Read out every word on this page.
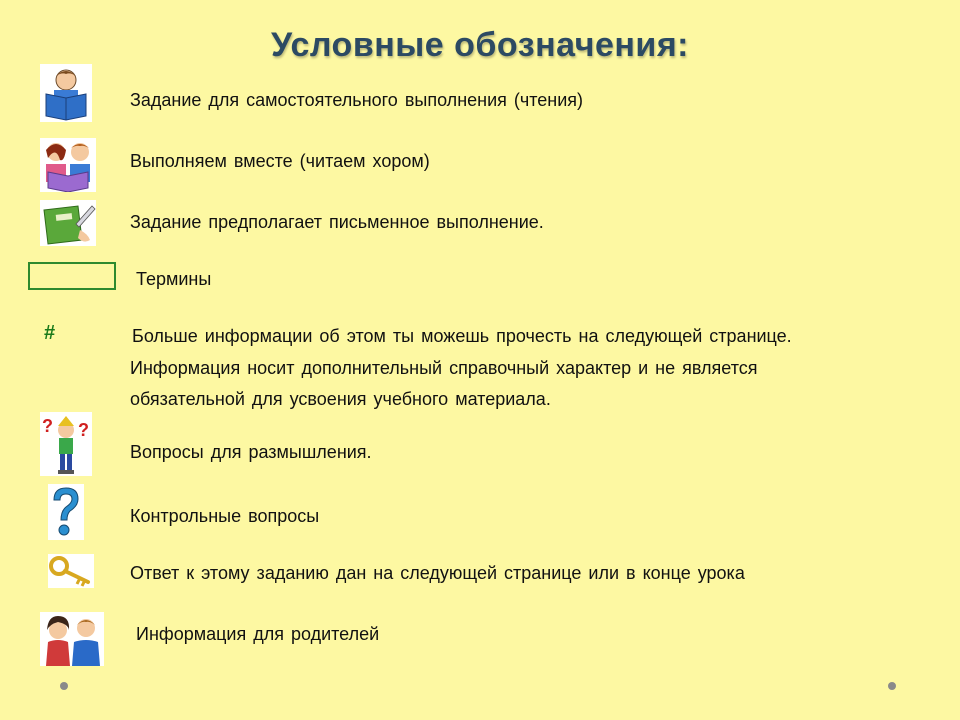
Условные обозначения:
Задание для самостоятельного выполнения (чтения)
Выполняем вместе (читаем хором)
Задание предполагает письменное выполнение.
Термины
#	Больше информации об этом ты можешь прочесть на следующей странице.
Информация носит дополнительный справочный характер и не является
обязательной для усвоения учебного материала.
? ?
Вопросы для размышления.
Контрольные вопросы
Ответ к этому заданию дан на следующей странице или в конце урока
Информация для родителей
